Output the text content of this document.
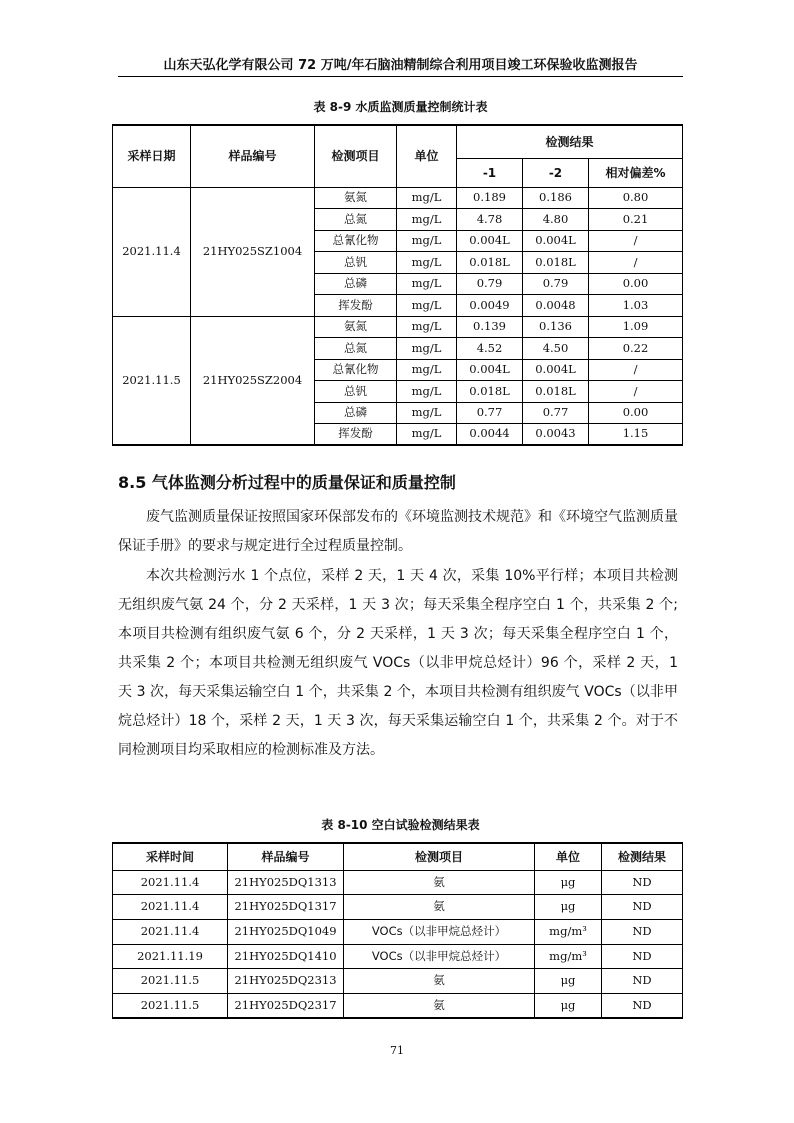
山东天弘化学有限公司 72 万吨/年石脑油精制综合利用项目竣工环保验收监测报告
表 8-9 水质监测质量控制统计表
采样日期	样品编号	检测项目	单位	检测结果		
				-1	-2	相对偏差%
2021.11.4	21HY025SZ1004	氨氮	mg/L	0.189	0.186	0.80
		总氮	mg/L	4.78	4.80	0.21
		总氰化物	mg/L	0.004L	0.004L	/
		总钒	mg/L	0.018L	0.018L	/
		总磷	mg/L	0.79	0.79	0.00
		挥发酚	mg/L	0.0049	0.0048	1.03
2021.11.5	21HY025SZ2004	氨氮	mg/L	0.139	0.136	1.09
		总氮	mg/L	4.52	4.50	0.22
		总氰化物	mg/L	0.004L	0.004L	/
		总钒	mg/L	0.018L	0.018L	/
		总磷	mg/L	0.77	0.77	0.00
		挥发酚	mg/L	0.0044	0.0043	1.15
8.5 气体监测分析过程中的质量保证和质量控制
废气监测质量保证按照国家环保部发布的《环境监测技术规范》和《环境空气监测质量保证手册》的要求与规定进行全过程质量控制。
本次共检测污水 1 个点位，采样 2 天，1 天 4 次，采集 10%平行样；本项目共检测无组织废气氨 24 个，分 2 天采样，1 天 3 次；每天采集全程序空白 1 个，共采集 2 个;本项目共检测有组织废气氨 6 个，分 2 天采样，1 天 3 次；每天采集全程序空白 1 个，共采集 2 个；本项目共检测无组织废气 VOCs（以非甲烷总烃计）96 个，采样 2 天，1 天 3 次，每天采集运输空白 1 个，共采集 2 个，本项目共检测有组织废气 VOCs（以非甲烷总烃计）18 个，采样 2 天，1 天 3 次，每天采集运输空白 1 个，共采集 2 个。对于不同检测项目均采取相应的检测标准及方法。
表 8-10 空白试验检测结果表
采样时间	样品编号	检测项目	单位	检测结果
2021.11.4	21HY025DQ1313	氨	μg	ND
2021.11.4	21HY025DQ1317	氨	μg	ND
2021.11.4	21HY025DQ1049	VOCs（以非甲烷总烃计）	mg/m³	ND
2021.11.19	21HY025DQ1410	VOCs（以非甲烷总烃计）	mg/m³	ND
2021.11.5	21HY025DQ2313	氨	μg	ND
2021.11.5	21HY025DQ2317	氨	μg	ND
71
